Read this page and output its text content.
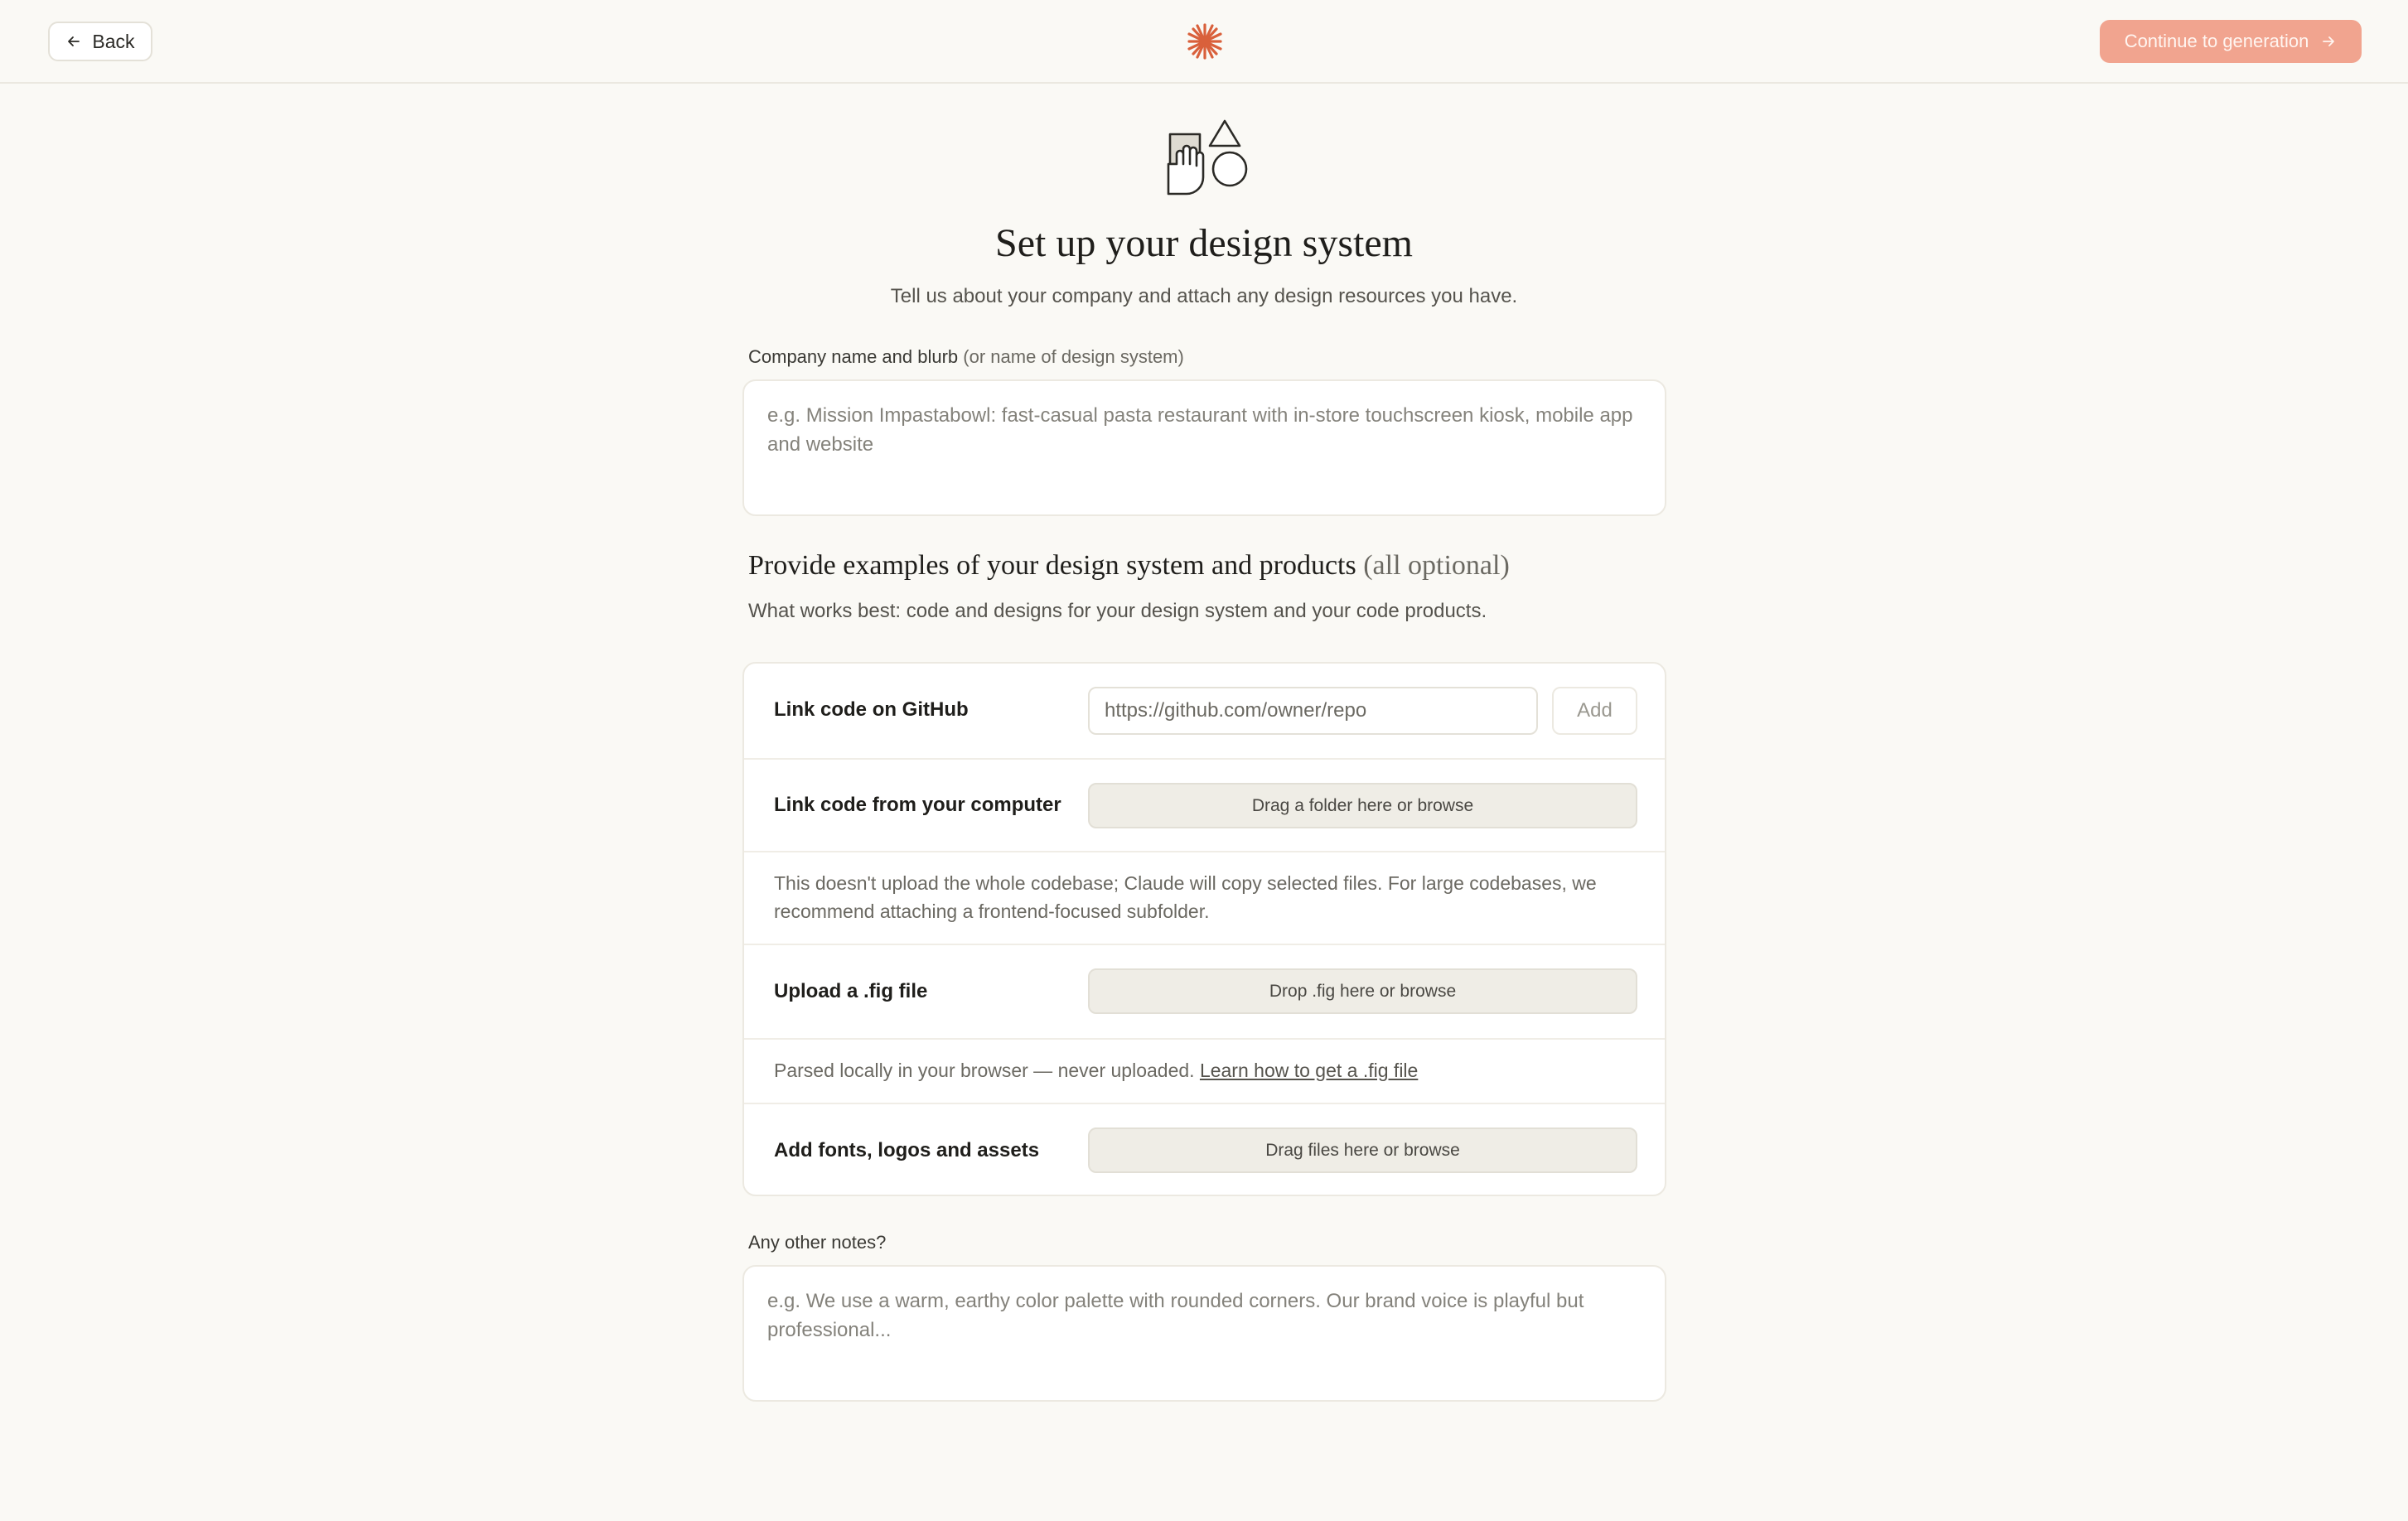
Back	Continue to generation
Set up your design system
Tell us about your company and attach any design resources you have.
Company name and blurb (or name of design system)
e.g. Mission Impastabowl: fast-casual pasta restaurant with in-store touchscreen kiosk, mobile app and website
Provide examples of your design system and products (all optional)
What works best: code and designs for your design system and your code products.
Link code on GitHub	https://github.com/owner/repo	Add
Link code from your computer	Drag a folder here or browse
This doesn't upload the whole codebase; Claude will copy selected files. For large codebases, we recommend attaching a frontend-focused subfolder.
Upload a .fig file	Drop .fig here or browse
Parsed locally in your browser — never uploaded. Learn how to get a .fig file
Add fonts, logos and assets	Drag files here or browse
Any other notes?
e.g. We use a warm, earthy color palette with rounded corners. Our brand voice is playful but professional...
